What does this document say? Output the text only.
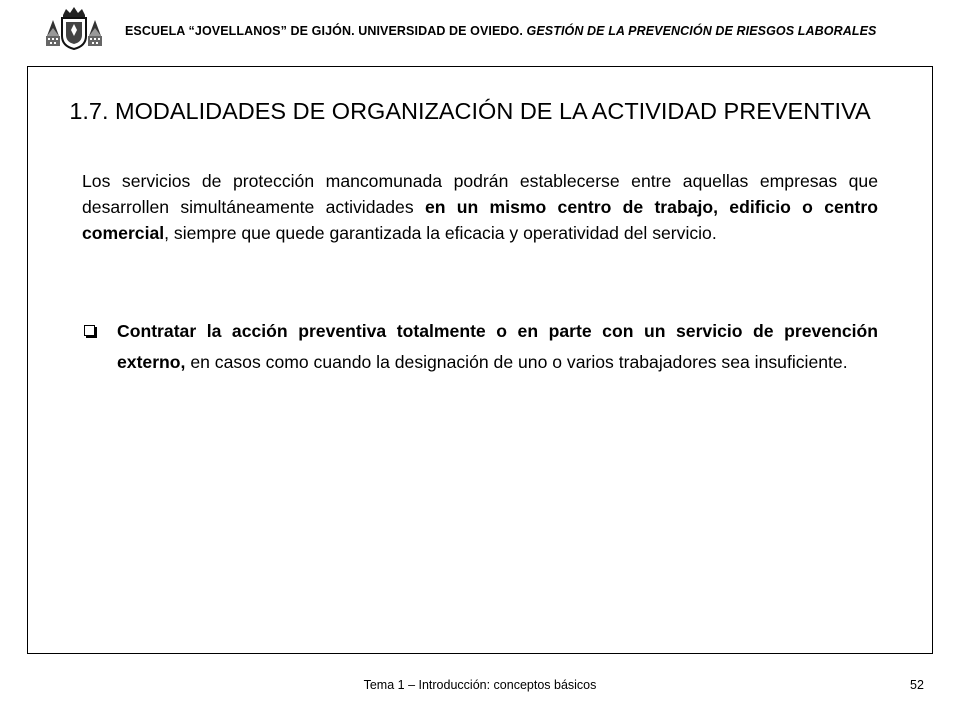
ESCUELA “JOVELLANOS” DE GIJÓN. UNIVERSIDAD DE OVIEDO. GESTIÓN DE LA PREVENCIÓN DE RIESGOS LABORALES
1.7. MODALIDADES DE ORGANIZACIÓN DE LA ACTIVIDAD PREVENTIVA

Los servicios de protección mancomunada podrán establecerse entre aquellas empresas que desarrollen simultáneamente actividades en un mismo centro de trabajo, edificio o centro comercial, siempre que quede garantizada la eficacia y operatividad del servicio.

Contratar la acción preventiva totalmente o en parte con un servicio de prevención externo, en casos como cuando la designación de uno o varios trabajadores sea insuficiente.

Tema 1 – Introducción: conceptos básicos	52
